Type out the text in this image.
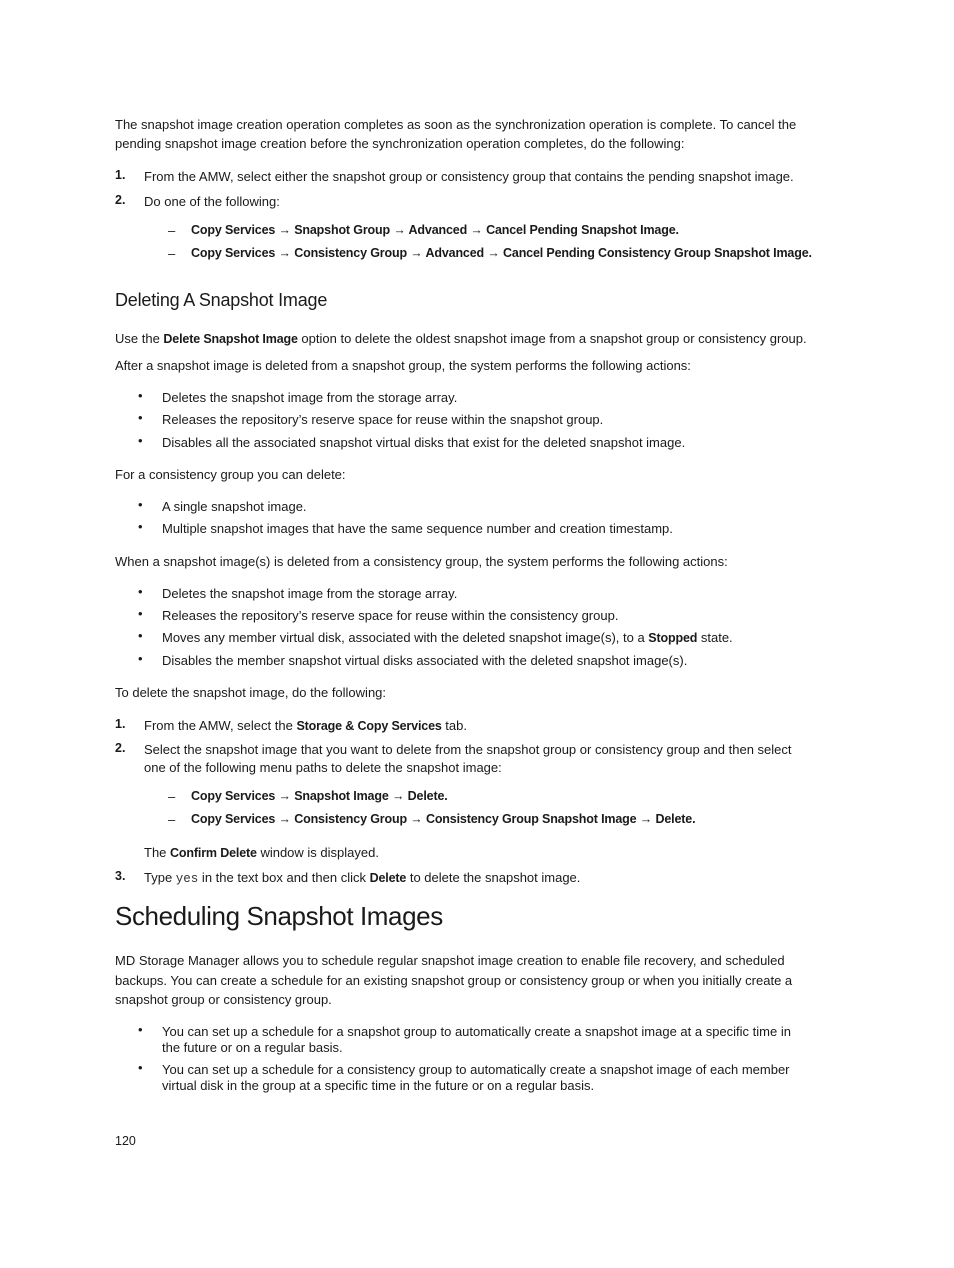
The snapshot image creation operation completes as soon as the synchronization operation is complete. To cancel the
pending snapshot image creation before the synchronization operation completes, do the following:
1. From the AMW, select either the snapshot group or consistency group that contains the pending snapshot image.
2. Do one of the following:
– Copy Services → Snapshot Group → Advanced → Cancel Pending Snapshot Image.
– Copy Services → Consistency Group → Advanced → Cancel Pending Consistency Group Snapshot Image.
Deleting A Snapshot Image
Use the Delete Snapshot Image option to delete the oldest snapshot image from a snapshot group or consistency group.
After a snapshot image is deleted from a snapshot group, the system performs the following actions:
• Deletes the snapshot image from the storage array.
• Releases the repository’s reserve space for reuse within the snapshot group.
• Disables all the associated snapshot virtual disks that exist for the deleted snapshot image.
For a consistency group you can delete:
• A single snapshot image.
• Multiple snapshot images that have the same sequence number and creation timestamp.
When a snapshot image(s) is deleted from a consistency group, the system performs the following actions:
• Deletes the snapshot image from the storage array.
• Releases the repository’s reserve space for reuse within the consistency group.
• Moves any member virtual disk, associated with the deleted snapshot image(s), to a Stopped state.
• Disables the member snapshot virtual disks associated with the deleted snapshot image(s).
To delete the snapshot image, do the following:
1. From the AMW, select the Storage & Copy Services tab.
2. Select the snapshot image that you want to delete from the snapshot group or consistency group and then select
one of the following menu paths to delete the snapshot image:
– Copy Services → Snapshot Image → Delete.
– Copy Services → Consistency Group → Consistency Group Snapshot Image → Delete.
The Confirm Delete window is displayed.
3. Type yes in the text box and then click Delete to delete the snapshot image.
Scheduling Snapshot Images
MD Storage Manager allows you to schedule regular snapshot image creation to enable file recovery, and scheduled
backups. You can create a schedule for an existing snapshot group or consistency group or when you initially create a
snapshot group or consistency group.
• You can set up a schedule for a snapshot group to automatically create a snapshot image at a specific time in
the future or on a regular basis.
• You can set up a schedule for a consistency group to automatically create a snapshot image of each member
virtual disk in the group at a specific time in the future or on a regular basis.
120
